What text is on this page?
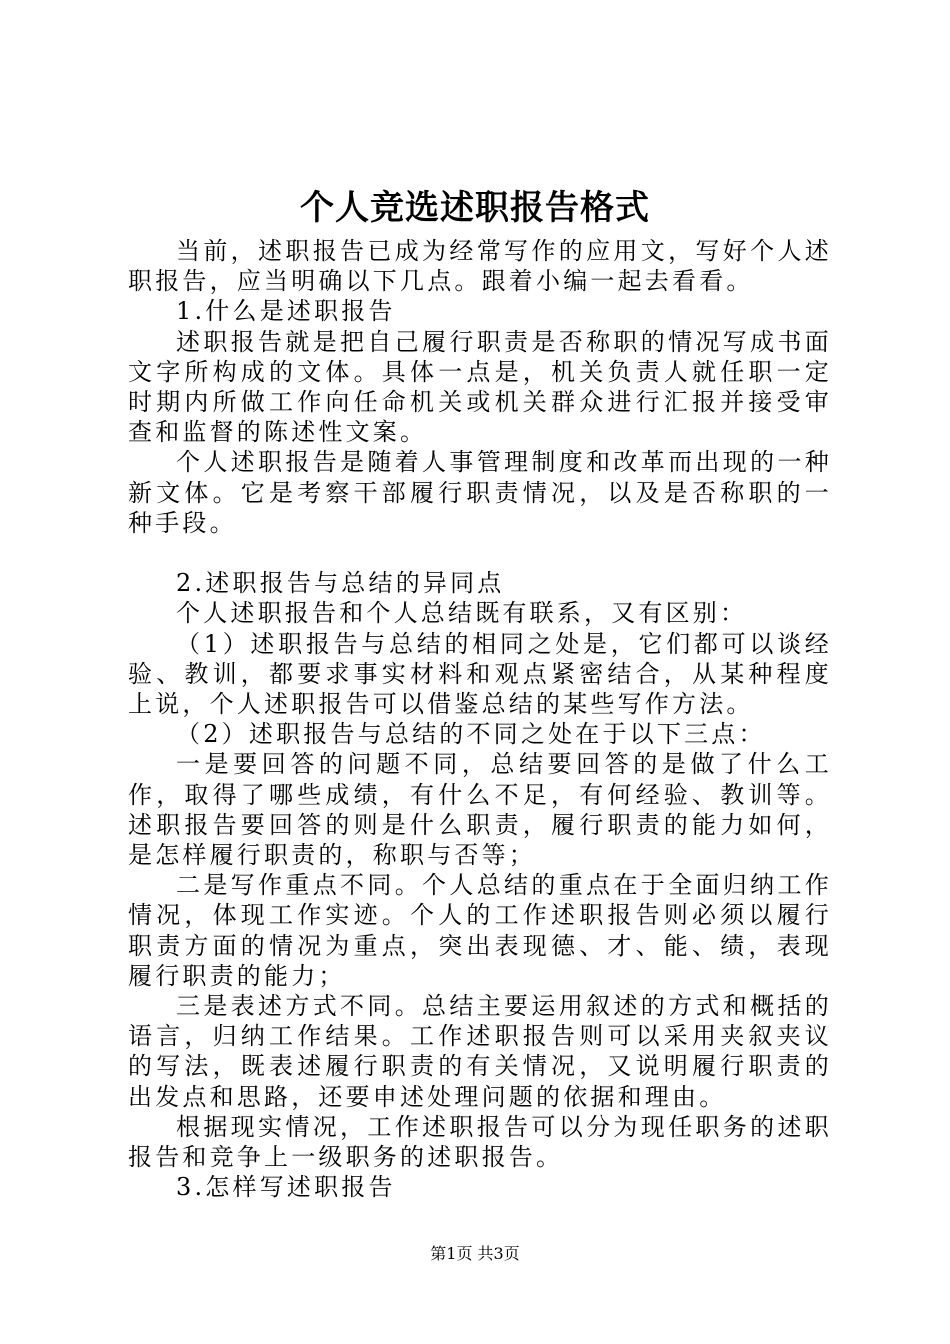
个人竞选述职报告格式

当前，述职报告已成为经常写作的应用文，写好个人述职报告，应当明确以下几点。跟着小编一起去看看。

1.什么是述职报告

述职报告就是把自己履行职责是否称职的情况写成书面文字所构成的文体。具体一点是，机关负责人就任职一定时期内所做工作向任命机关或机关群众进行汇报并接受审查和监督的陈述性文案。

个人述职报告是随着人事管理制度和改革而出现的一种新文体。它是考察干部履行职责情况，以及是否称职的一种手段。

2.述职报告与总结的异同点

个人述职报告和个人总结既有联系，又有区别：

（1）述职报告与总结的相同之处是，它们都可以谈经验、教训，都要求事实材料和观点紧密结合，从某种程度上说，个人述职报告可以借鉴总结的某些写作方法。

（2）述职报告与总结的不同之处在于以下三点：

一是要回答的问题不同，总结要回答的是做了什么工作，取得了哪些成绩，有什么不足，有何经验、教训等。述职报告要回答的则是什么职责，履行职责的能力如何，是怎样履行职责的，称职与否等；

二是写作重点不同。个人总结的重点在于全面归纳工作情况，体现工作实迹。个人的工作述职报告则必须以履行职责方面的情况为重点，突出表现德、才、能、绩，表现履行职责的能力；

三是表述方式不同。总结主要运用叙述的方式和概括的语言，归纳工作结果。工作述职报告则可以采用夹叙夹议的写法，既表述履行职责的有关情况，又说明履行职责的出发点和思路，还要申述处理问题的依据和理由。

根据现实情况，工作述职报告可以分为现任职务的述职报告和竞争上一级职务的述职报告。

3.怎样写述职报告

第1页 共3页
